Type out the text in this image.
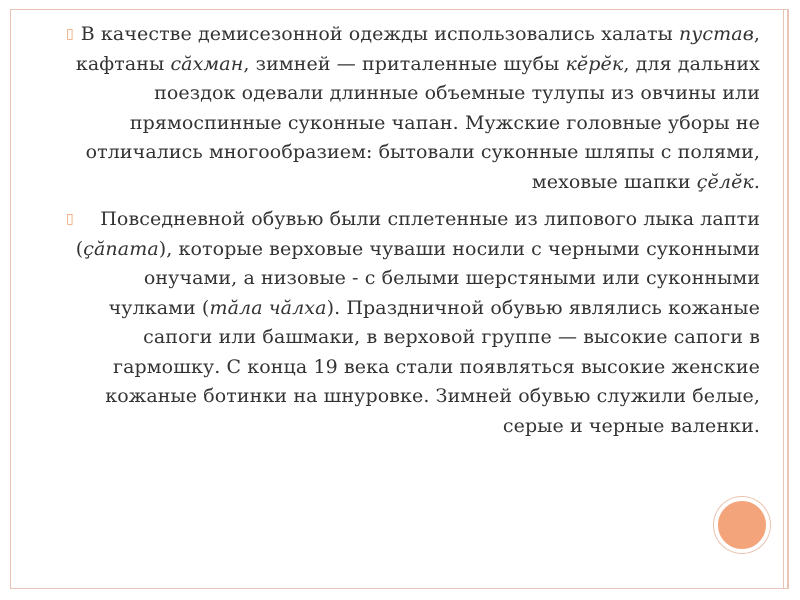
▯ В качестве демисезонной одежды использовались халаты пустав, кафтаны сăхман, зимней — приталенные шубы кĕрĕк, для дальних поездок одевали длинные объемные тулупы из овчины или прямоспинные суконные чапан. Мужские головные уборы не отличались многообразием: бытовали суконные шляпы с полями, меховые шапки çĕлĕк.
▯	Повседневной обувью были сплетенные из липового лыка лапти (çăпата), которые верховые чуваши носили с черными суконными онучами, а низовые - с белыми шерстяными или суконными чулками (тăла чăлха). Праздничной обувью являлись кожаные сапоги или башмаки, в верховой группе — высокие сапоги в гармошку. С конца 19 века стали появляться высокие женские кожаные ботинки на шнуровке. Зимней обувью служили белые, серые и черные валенки.
